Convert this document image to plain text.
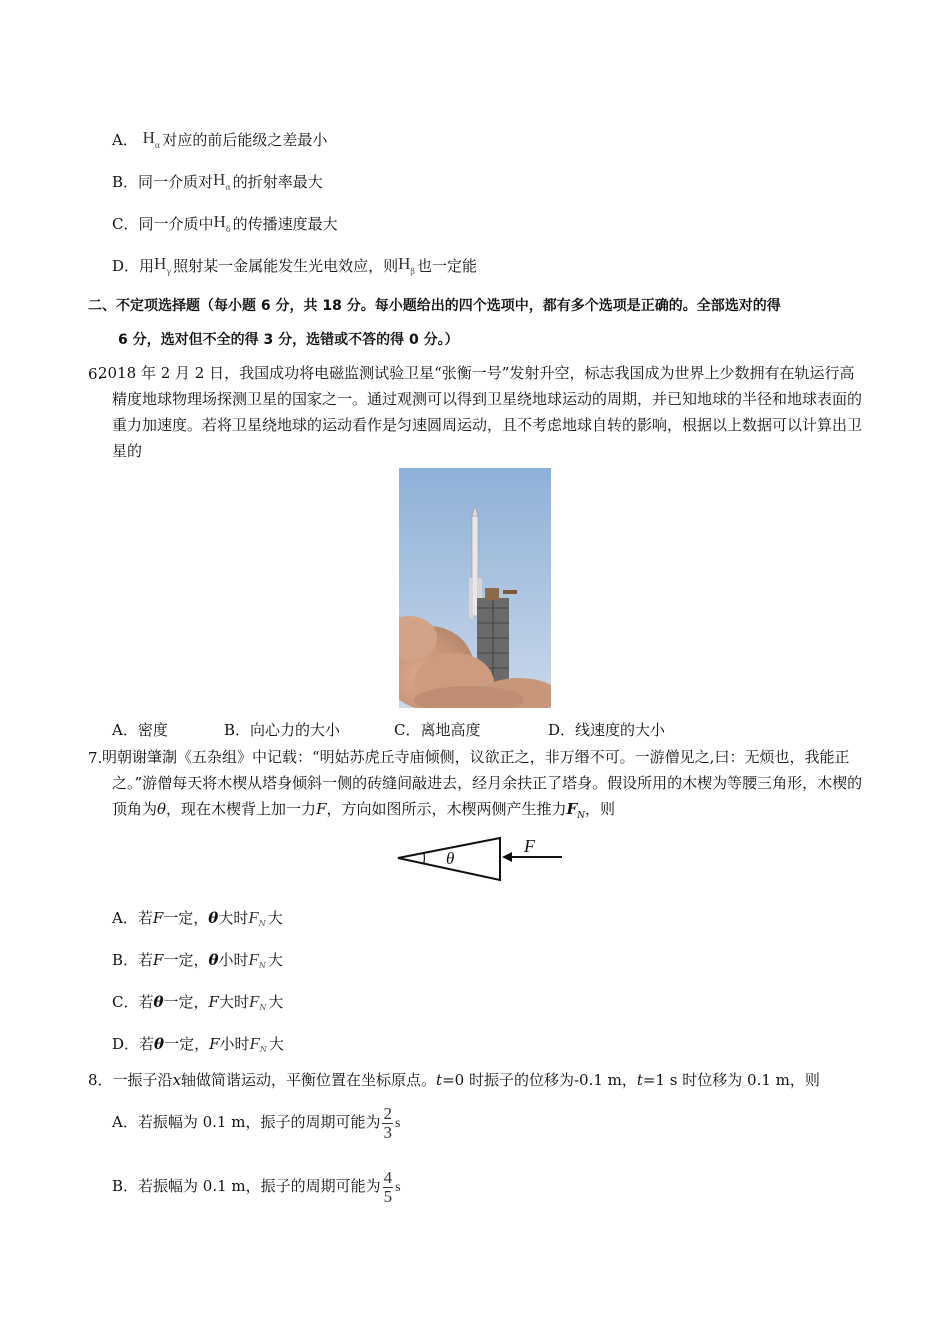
A． $H_\alpha$ 对应的前后能级之差最小
B．同一介质对$H_\alpha$ 的折射率最大
C．同一介质中$H_\delta$ 的传播速度最大
D．用$H_\gamma$ 照射某一金属能发生光电效应，则$H_\beta$ 也一定能
二、不定项选择题（每小题 6 分，共 18 分。每小题给出的四个选项中，都有多个选项是正确的。全部选对的得
6 分，选对但不全的得 3 分，选错或不答的得 0 分。）
6.
2018 年 2 月 2 日，我国成功将电磁监测试验卫星“张衡一号”发射升空，标志我国成为世界上少数拥有在轨运行高精度地球物理场探测卫星的国家之一。通过观测可以得到卫星绕地球运动的周期，并已知地球的半径和地球表面的重力加速度。若将卫星绕地球的运动看作是匀速圆周运动，且不考虑地球自转的影响，根据以上数据可以计算出卫星的
A．密度	B．向心力的大小	C．离地高度	D．线速度的大小
7. 明朝谢肇淛《五杂组》中记载：“明姑苏虎丘寺庙倾侧，议欲正之，非万缗不可。一游僧见之,曰：无烦也，我能正之。”游僧每天将木楔从塔身倾斜一侧的砖缝间敲进去，经月余扶正了塔身。假设所用的木楔为等腰三角形，木楔的顶角为θ，现在木楔背上加一力F，方向如图所示，木楔两侧产生推力$F_N$，则
θ
F
A．若F一定，θ大时$F_N$ 大
B．若F一定，θ小时$F_N$ 大
C．若θ一定，F大时$F_N$ 大
D．若θ一定，F小时$F_N$ 大
8．一振子沿x轴做简谐运动，平衡位置在坐标原点。t=0 时振子的位移为-0.1 m，t=1 s 时位移为 0.1 m，则
A．若振幅为 0.1 m，振子的周期可能为 $\frac{2}{3}$ s
B．若振幅为 0.1 m，振子的周期可能为 $\frac{4}{5}$ s
